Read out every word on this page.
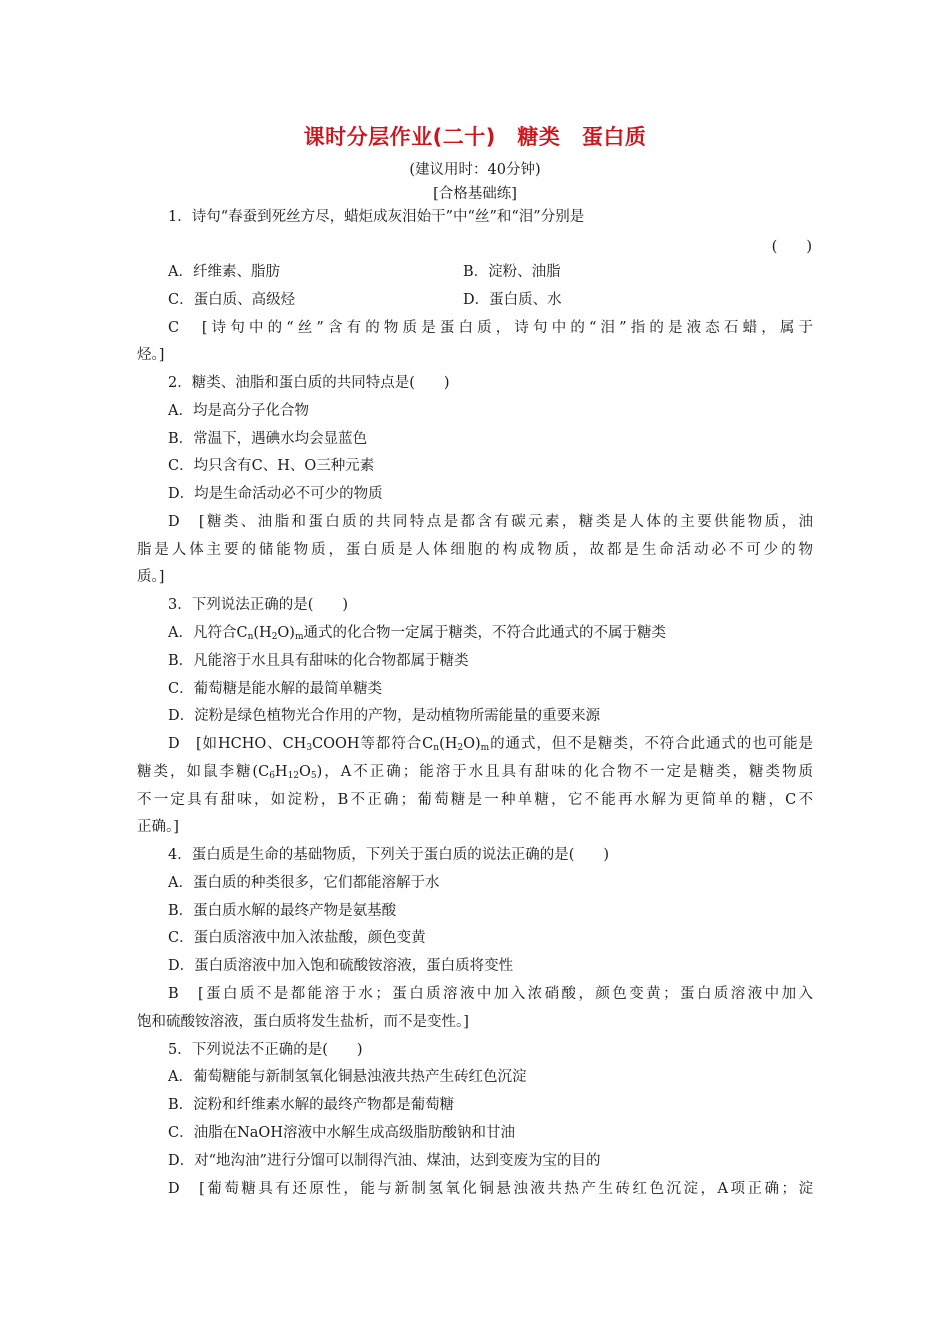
课时分层作业(二十)　糖类　蛋白质
(建议用时：40分钟)
[合格基础练]
1．诗句“春蚕到死丝方尽，蜡炬成灰泪始干”中“丝”和“泪”分别是
(　　)
A．纤维素、脂肪	B．淀粉、油脂
C．蛋白质、高级烃	D．蛋白质、水
C　[诗句中的“丝”含有的物质是蛋白质，诗句中的“泪”指的是液态石蜡，属于
烃。]
2．糖类、油脂和蛋白质的共同特点是(　　)
A．均是高分子化合物
B．常温下，遇碘水均会显蓝色
C．均只含有C、H、O三种元素
D．均是生命活动必不可少的物质
D　[糖类、油脂和蛋白质的共同特点是都含有碳元素，糖类是人体的主要供能物质，油
脂是人体主要的储能物质，蛋白质是人体细胞的构成物质，故都是生命活动必不可少的物
质。]
3．下列说法正确的是(　　)
A．凡符合$C_n(H_2O)_m$通式的化合物一定属于糖类，不符合此通式的不属于糖类
B．凡能溶于水且具有甜味的化合物都属于糖类
C．葡萄糖是能水解的最简单糖类
D．淀粉是绿色植物光合作用的产物，是动植物所需能量的重要来源
D　[如HCHO、$CH_3COOH$等都符合$C_n(H_2O)_m$的通式，但不是糖类，不符合此通式的也可能是
糖类，如鼠李糖$(C_6H_{12}O_5)$，A不正确；能溶于水且具有甜味的化合物不一定是糖类，糖类物质
不一定具有甜味，如淀粉，B不正确；葡萄糖是一种单糖，它不能再水解为更简单的糖，C不
正确。]
4．蛋白质是生命的基础物质，下列关于蛋白质的说法正确的是(　　)
A．蛋白质的种类很多，它们都能溶解于水
B．蛋白质水解的最终产物是氨基酸
C．蛋白质溶液中加入浓盐酸，颜色变黄
D．蛋白质溶液中加入饱和硫酸铵溶液，蛋白质将变性
B　[蛋白质不是都能溶于水；蛋白质溶液中加入浓硝酸，颜色变黄；蛋白质溶液中加入
饱和硫酸铵溶液，蛋白质将发生盐析，而不是变性。]
5．下列说法不正确的是(　　)
A．葡萄糖能与新制氢氧化铜悬浊液共热产生砖红色沉淀
B．淀粉和纤维素水解的最终产物都是葡萄糖
C．油脂在NaOH溶液中水解生成高级脂肪酸钠和甘油
D．对“地沟油”进行分馏可以制得汽油、煤油，达到变废为宝的目的
D　[葡萄糖具有还原性，能与新制氢氧化铜悬浊液共热产生砖红色沉淀，A项正确；淀
